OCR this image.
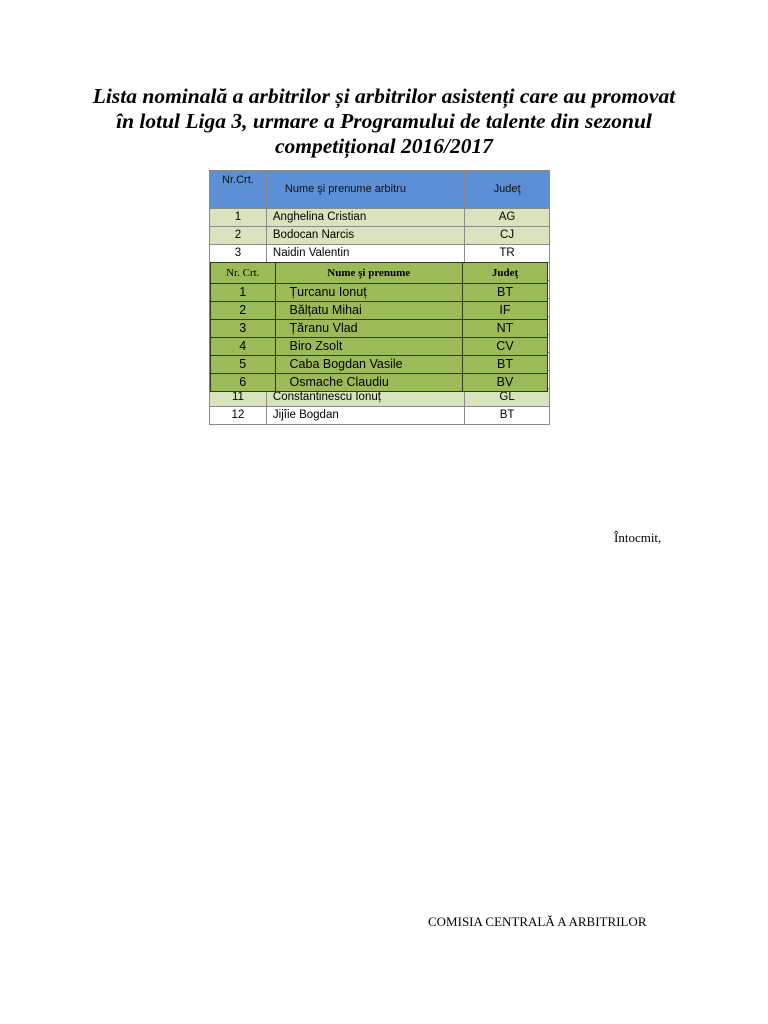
Lista nominală a arbitrilor și arbitrilor asistenți care au promovat
în lotul Liga 3, urmare a Programului de talente din sezonul
competițional 2016/2017
Nr.Crt.	Nume şi prenume arbitru	Judeţ
1	Anghelina Cristian	AG
2	Bodocan Narcis	CJ
3	Naidin Valentin	TR

11	Constantinescu Ionuț	GL
12	Jijîie Bogdan	BT
Nr. Crt.	Nume şi prenume	Judeţ
1	Țurcanu Ionuț	BT
2	Bălțatu Mihai	IF
3	Țăranu Vlad	NT
4	Biro Zsolt	CV
5	Caba Bogdan Vasile	BT
6	Osmache Claudiu	BV
Întocmit,
COMISIA CENTRALĂ A ARBITRILOR
